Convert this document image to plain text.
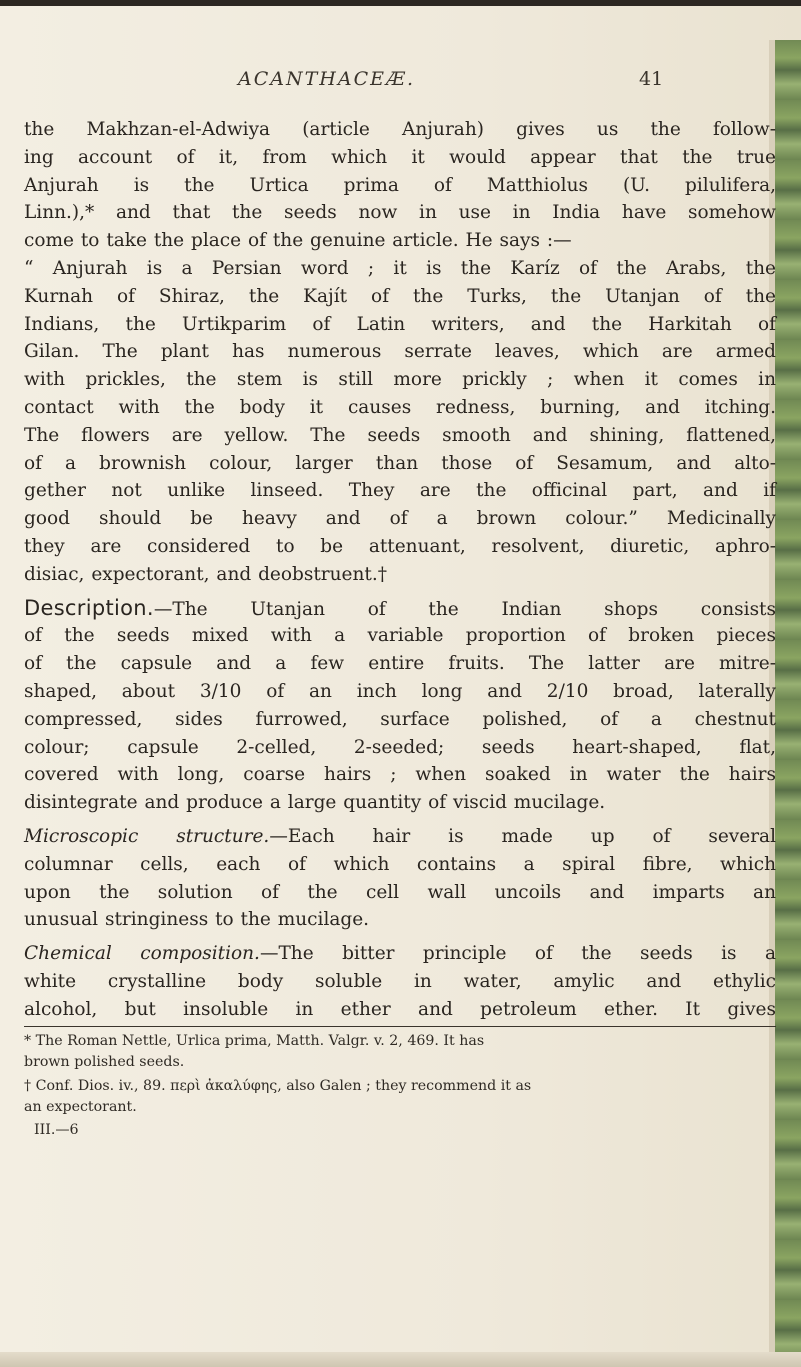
ACANTHACEÆ.	41
the Makhzan-el-Adwiya (article Anjurah) gives us the follow-
ing account of it, from which it would appear that the true
Anjurah is the Urtica prima of Matthiolus (U. pilulifera,
Linn.),* and that the seeds now in use in India have somehow
come to take the place of the genuine article. He says :—
“ Anjurah is a Persian word ; it is the Karíz of the Arabs, the
Kurnah of Shiraz, the Kajít of the Turks, the Utanjan of the
Indians, the Urtikparim of Latin writers, and the Harkitah of
Gilan. The plant has numerous serrate leaves, which are armed
with prickles, the stem is still more prickly ; when it comes in
contact with the body it causes redness, burning, and itching.
The flowers are yellow. The seeds smooth and shining, flattened,
of a brownish colour, larger than those of Sesamum, and alto-
gether not unlike linseed. They are the officinal part, and if
good should be heavy and of a brown colour.” Medicinally
they are considered to be attenuant, resolvent, diuretic, aphro-
disiac, expectorant, and deobstruent.†
Description.—The Utanjan of the Indian shops consists
of the seeds mixed with a variable proportion of broken pieces
of the capsule and a few entire fruits. The latter are mitre-
shaped, about 3/10 of an inch long and 2/10 broad, laterally
compressed, sides furrowed, surface polished, of a chestnut
colour; capsule 2-celled, 2-seeded; seeds heart-shaped, flat,
covered with long, coarse hairs ; when soaked in water the hairs
disintegrate and produce a large quantity of viscid mucilage.
Microscopic structure.—Each hair is made up of several
columnar cells, each of which contains a spiral fibre, which
upon the solution of the cell wall uncoils and imparts an
unusual stringiness to the mucilage.
Chemical composition.—The bitter principle of the seeds is a
white crystalline body soluble in water, amylic and ethylic
alcohol, but insoluble in ether and petroleum ether. It gives
* The Roman Nettle, Urlica prima, Matth. Valgr. v. 2, 469. It has
brown polished seeds.
† Conf. Dios. iv., 89. περὶ ἀκαλύφης, also Galen ; they recommend it as
an expectorant.
III.—6
